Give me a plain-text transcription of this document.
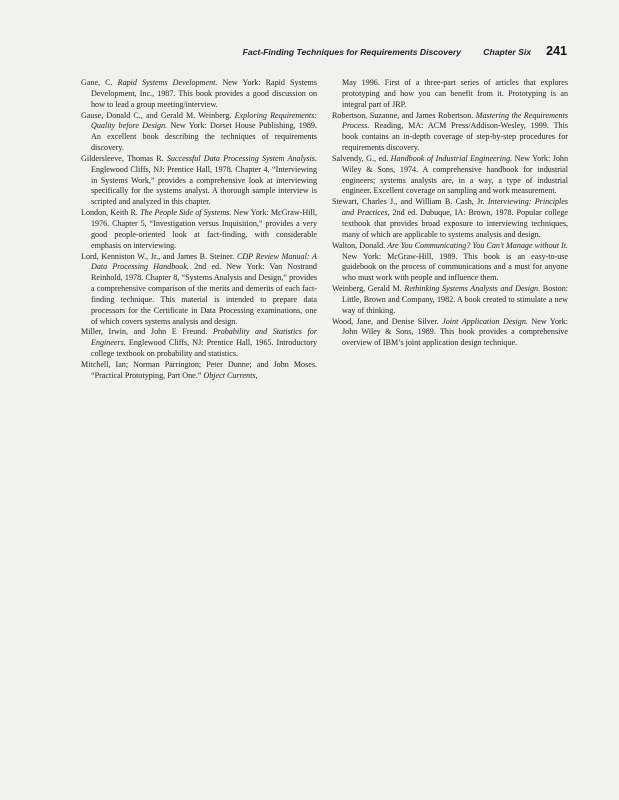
Fact-Finding Techniques for Requirements Discovery	Chapter Six 241

Gane, C. Rapid Systems Development. New York: Rapid Systems Development, Inc., 1987. This book provides a good discussion on how to lead a group meeting/interview.

Gause, Donald C., and Gerald M. Weinberg. Exploring Requirements: Quality before Design. New York: Dorset House Publishing, 1989. An excellent book describing the techniques of requirements discovery.

Gildersleeve, Thomas R. Successful Data Processing System Analysis. Englewood Cliffs, NJ: Prentice Hall, 1978. Chapter 4, “Interviewing in Systems Work,” provides a comprehensive look at interviewing specifically for the systems analyst. A thorough sample interview is scripted and analyzed in this chapter.

London, Keith R. The People Side of Systems. New York: McGraw-Hill, 1976. Chapter 5, “Investigation versus Inquisition,” provides a very good people-oriented look at fact-finding, with considerable emphasis on interviewing.

Lord, Kenniston W., Jr., and James B. Steiner. CDP Review Manual: A Data Processing Handbook. 2nd ed. New York: Van Nostrand Reinhold, 1978. Chapter 8, “Systems Analysis and Design,” provides a comprehensive comparison of the merits and demerits of each fact-finding technique. This material is intended to prepare data processors for the Certificate in Data Processing examinations, one of which covers systems analysis and design.

Miller, Irwin, and John E Freund. Probability and Statistics for Engineers. Englewood Cliffs, NJ: Prentice Hall, 1965. Introductory college textbook on probability and statistics.

Mitchell, Ian; Norman Parrington; Peter Dunne; and John Moses. “Practical Prototyping, Part One.” Object Currents,

May 1996. First of a three-part series of articles that explores prototyping and how you can benefit from it. Prototyping is an integral part of JRP.

Robertson, Suzanne, and James Robertson. Mastering the Requirements Process. Reading, MA: ACM Press/Addison-Wesley, 1999. This book contains an in-depth coverage of step-by-step procedures for requirements discovery.

Salvendy, G., ed. Handbook of Industrial Engineering. New York: John Wiley & Sons, 1974. A comprehensive handbook for industrial engineers; systems analysts are, in a way, a type of industrial engineer. Excellent coverage on sampling and work measurement.

Stewart, Charles J., and William B. Cash, Jr. Interviewing: Principles and Practices, 2nd ed. Dubuque, IA: Brown, 1978. Popular college textbook that provides broad exposure to interviewing techniques, many of which are applicable to systems analysis and design.

Walton, Donald. Are You Communicating? You Can’t Manage without It. New York: McGraw-Hill, 1989. This book is an easy-to-use guidebook on the process of communications and a must for anyone who must work with people and influence them.

Weinberg, Gerald M. Rethinking Systems Analysts and Design. Boston: Little, Brown and Company, 1982. A book created to stimulate a new way of thinking.

Wood, Jane, and Denise Silver. Joint Application Design. New York: John Wiley & Sons, 1989. This book provides a comprehensive overview of IBM’s joint application design technique.
